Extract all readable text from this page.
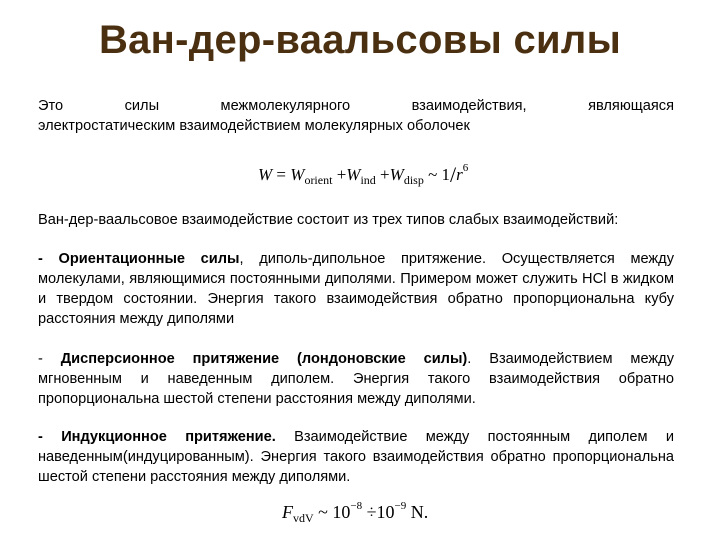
Ван-дер-ваальсовы силы
Это силы межмолекулярного взаимодействия, являющаяся
электростатическим взаимодействием молекулярных оболочек
$W = W_{orient} +W_{ind} +W_{disp}$ ~ $1/r^6$
Ван-дер-ваальсовое взаимодействие состоит из трех типов слабых взаимодействий:
- Ориентационные силы, диполь-дипольное притяжение. Осуществляется между молекулами, являющимися постоянными диполями. Примером может служить HCl в жидком и твердом состоянии. Энергия такого взаимодействия обратно пропорциональна кубу расстояния между диполями
- Дисперсионное притяжение (лондоновские силы). Взаимодействием между мгновенным и наведенным диполем. Энергия такого взаимодействия обратно пропорциональна шестой степени расстояния между диполями.
- Индукционное притяжение. Взаимодействие между постоянным диполем и наведенным(индуцированным). Энергия такого взаимодействия обратно пропорциональна шестой степени расстояния между диполями.
$F_{vdV}$ ~ $10^{-8} \div 10^{-9}$ N.
